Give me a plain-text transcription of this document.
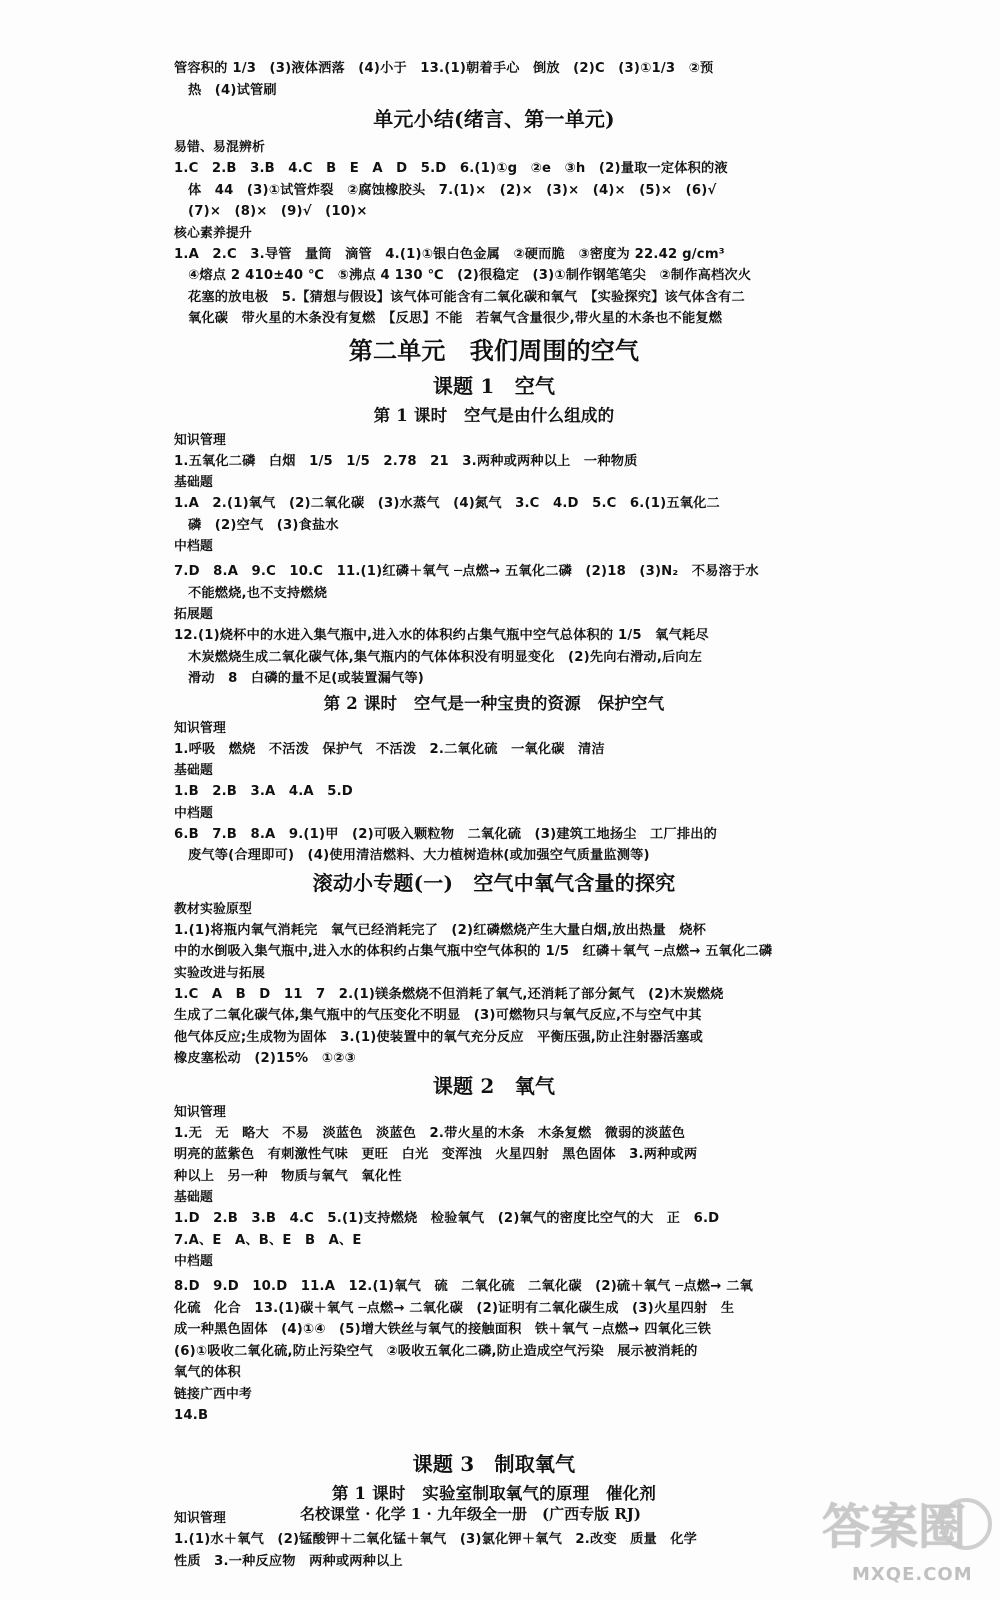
管容积的 1/3　(3)液体洒落　(4)小于　13.(1)朝着手心　倒放　(2)C　(3)①1/3　②预
热　(4)试管刷
单元小结(绪言、第一单元)
易错、易混辨析
1.C　2.B　3.B　4.C　B　E　A　D　5.D　6.(1)①g　②e　③h　(2)量取一定体积的液
体　44　(3)①试管炸裂　②腐蚀橡胶头　7.(1)×　(2)×　(3)×　(4)×　(5)×　(6)√
(7)×　(8)×　(9)√　(10)×
核心素养提升
1.A　2.C　3.导管　量筒　滴管　4.(1)①银白色金属　②硬而脆　③密度为 22.42 g/cm³
④熔点 2 410±40 ℃　⑤沸点 4 130 ℃　(2)很稳定　(3)①制作钢笔笔尖　②制作高档次火
花塞的放电极　5.【猜想与假设】该气体可能含有二氧化碳和氧气　【实验探究】该气体含有二
氧化碳　带火星的木条没有复燃　【反思】不能　若氧气含量很少,带火星的木条也不能复燃
第二单元　我们周围的空气
课题 1　空气
第 1 课时　空气是由什么组成的
知识管理
1.五氧化二磷　白烟　1/5　1/5　2.78　21　3.两种或两种以上　一种物质
基础题
1.A　2.(1)氧气　(2)二氧化碳　(3)水蒸气　(4)氮气　3.C　4.D　5.C　6.(1)五氧化二
磷　(2)空气　(3)食盐水
中档题
7.D　8.A　9.C　10.C　11.(1)红磷＋氧气 ─点燃→ 五氧化二磷　(2)18　(3)N₂　不易溶于水
不能燃烧,也不支持燃烧
拓展题
12.(1)烧杯中的水进入集气瓶中,进入水的体积约占集气瓶中空气总体积的 1/5　氧气耗尽
木炭燃烧生成二氧化碳气体,集气瓶内的气体体积没有明显变化　(2)先向右滑动,后向左
滑动　8　白磷的量不足(或装置漏气等)
第 2 课时　空气是一种宝贵的资源　保护空气
知识管理
1.呼吸　燃烧　不活泼　保护气　不活泼　2.二氧化硫　一氧化碳　清洁
基础题
1.B　2.B　3.A　4.A　5.D
中档题
6.B　7.B　8.A　9.(1)甲　(2)可吸入颗粒物　二氧化硫　(3)建筑工地扬尘　工厂排出的
废气等(合理即可)　(4)使用清洁燃料、大力植树造林(或加强空气质量监测等)
滚动小专题(一)　空气中氧气含量的探究
教材实验原型
1.(1)将瓶内氧气消耗完　氧气已经消耗完了　(2)红磷燃烧产生大量白烟,放出热量　烧杯
中的水倒吸入集气瓶中,进入水的体积约占集气瓶中空气体积的 1/5　红磷＋氧气 ─点燃→ 五氧化二磷
实验改进与拓展
1.C　A　B　D　11　7　2.(1)镁条燃烧不但消耗了氧气,还消耗了部分氮气　(2)木炭燃烧
生成了二氧化碳气体,集气瓶中的气压变化不明显　(3)可燃物只与氧气反应,不与空气中其
他气体反应;生成物为固体　3.(1)使装置中的氧气充分反应　平衡压强,防止注射器活塞或
橡皮塞松动　(2)15%　①②③
课题 2　氧气
知识管理
1.无　无　略大　不易　淡蓝色　淡蓝色　2.带火星的木条　木条复燃　微弱的淡蓝色
明亮的蓝紫色　有刺激性气味　更旺　白光　变浑浊　火星四射　黑色固体　3.两种或两
种以上　另一种　物质与氧气　氧化性
基础题
1.D　2.B　3.B　4.C　5.(1)支持燃烧　检验氧气　(2)氧气的密度比空气的大　正　6.D
7.A、E　A、B、E　B　A、E
中档题
8.D　9.D　10.D　11.A　12.(1)氧气　硫　二氧化硫　二氧化碳　(2)硫＋氧气 ─点燃→ 二氧
化硫　化合　13.(1)碳＋氧气 ─点燃→ 二氧化碳　(2)证明有二氧化碳生成　(3)火星四射　生
成一种黑色固体　(4)①④　(5)增大铁丝与氧气的接触面积　铁＋氧气 ─点燃→ 四氧化三铁
(6)①吸收二氧化硫,防止污染空气　②吸收五氧化二磷,防止造成空气污染　展示被消耗的
氧气的体积
链接广西中考
14.B
课题 3　制取氧气
第 1 课时　实验室制取氧气的原理　催化剂
知识管理
1.(1)水＋氧气　(2)锰酸钾＋二氧化锰＋氧气　(3)氯化钾＋氧气　2.改变　质量　化学
性质　3.一种反应物　两种或两种以上
名校课堂 · 化学 1 · 九年级全一册　(广西专版 RJ)	答案圈
MXQE.COM
